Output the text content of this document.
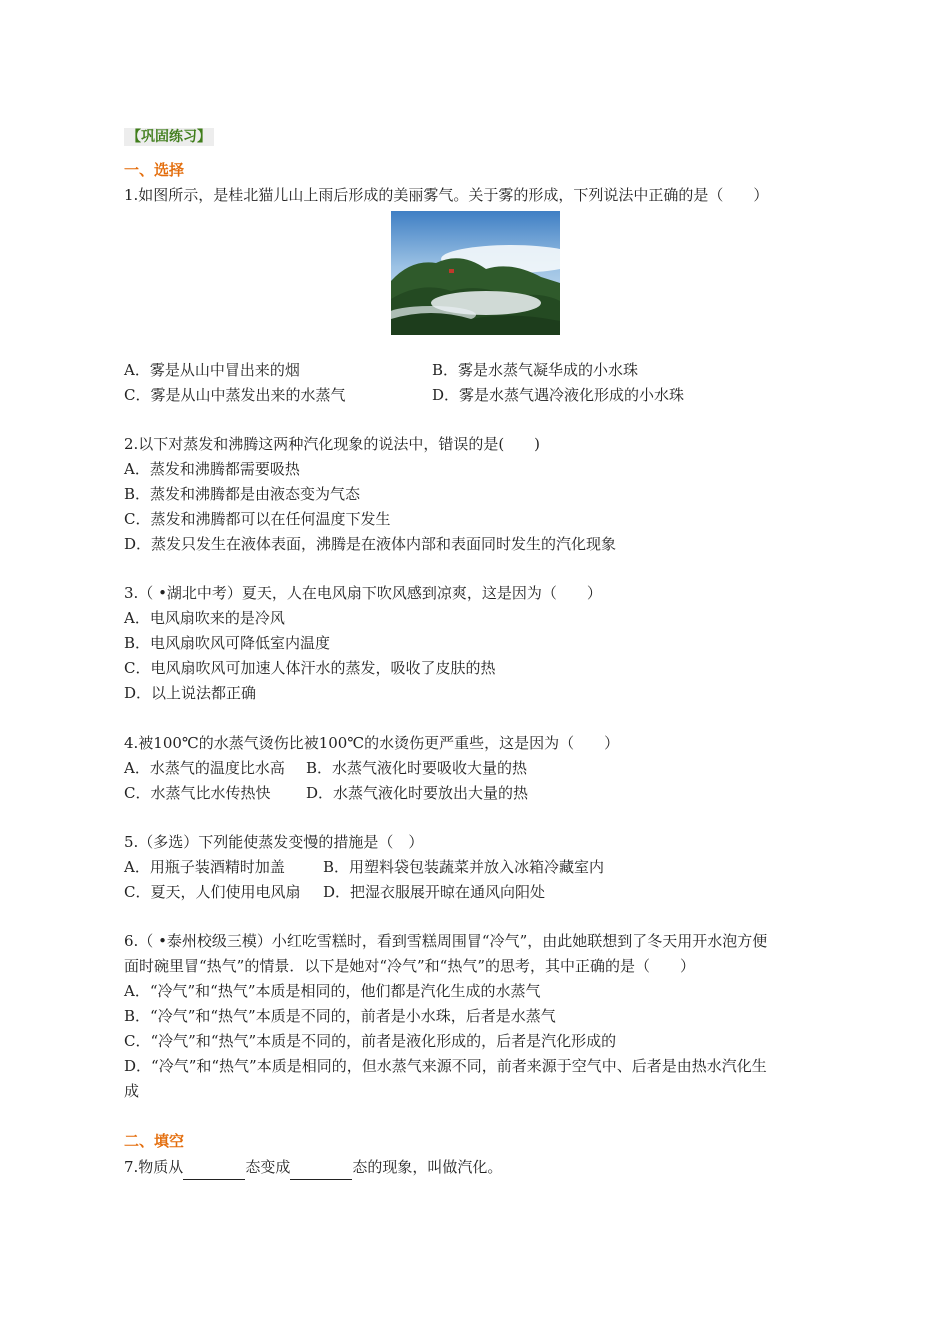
【巩固练习】
一、选择
1.如图所示，是桂北猫儿山上雨后形成的美丽雾气。关于雾的形成，下列说法中正确的是（　　）
A．雾是从山中冒出来的烟	B．雾是水蒸气凝华成的小水珠
C．雾是从山中蒸发出来的水蒸气	D．雾是水蒸气遇冷液化形成的小水珠
2.以下对蒸发和沸腾这两种汽化现象的说法中，错误的是(　　)
A．蒸发和沸腾都需要吸热
B．蒸发和沸腾都是由液态变为气态
C．蒸发和沸腾都可以在任何温度下发生
D．蒸发只发生在液体表面，沸腾是在液体内部和表面同时发生的汽化现象
3.（ •湖北中考）夏天，人在电风扇下吹风感到凉爽，这是因为（　　）
A．电风扇吹来的是冷风
B．电风扇吹风可降低室内温度
C．电风扇吹风可加速人体汗水的蒸发，吸收了皮肤的热
D．以上说法都正确
4.被100℃的水蒸气烫伤比被100℃的水烫伤更严重些，这是因为（　　）
A．水蒸气的温度比水高 B．水蒸气液化时要吸收大量的热
C．水蒸气比水传热快 D．水蒸气液化时要放出大量的热
5.（多选）下列能使蒸发变慢的措施是（　）
A．用瓶子装酒精时加盖	B．用塑料袋包装蔬菜并放入冰箱冷藏室内
C．夏天，人们使用电风扇 D．把湿衣服展开晾在通风向阳处
6.（ •泰州校级三模）小红吃雪糕时，看到雪糕周围冒“冷气”，由此她联想到了冬天用开水泡方便
面时碗里冒“热气”的情景．以下是她对“冷气”和“热气”的思考，其中正确的是（　　）
A．“冷气”和“热气”本质是相同的，他们都是汽化生成的水蒸气
B．“冷气”和“热气”本质是不同的，前者是小水珠，后者是水蒸气
C．“冷气”和“热气”本质是不同的，前者是液化形成的，后者是汽化形成的
D．“冷气”和“热气”本质是相同的，但水蒸气来源不同，前者来源于空气中、后者是由热水汽化生
成
二、填空
7.物质从	态变成	态的现象，叫做汽化。
